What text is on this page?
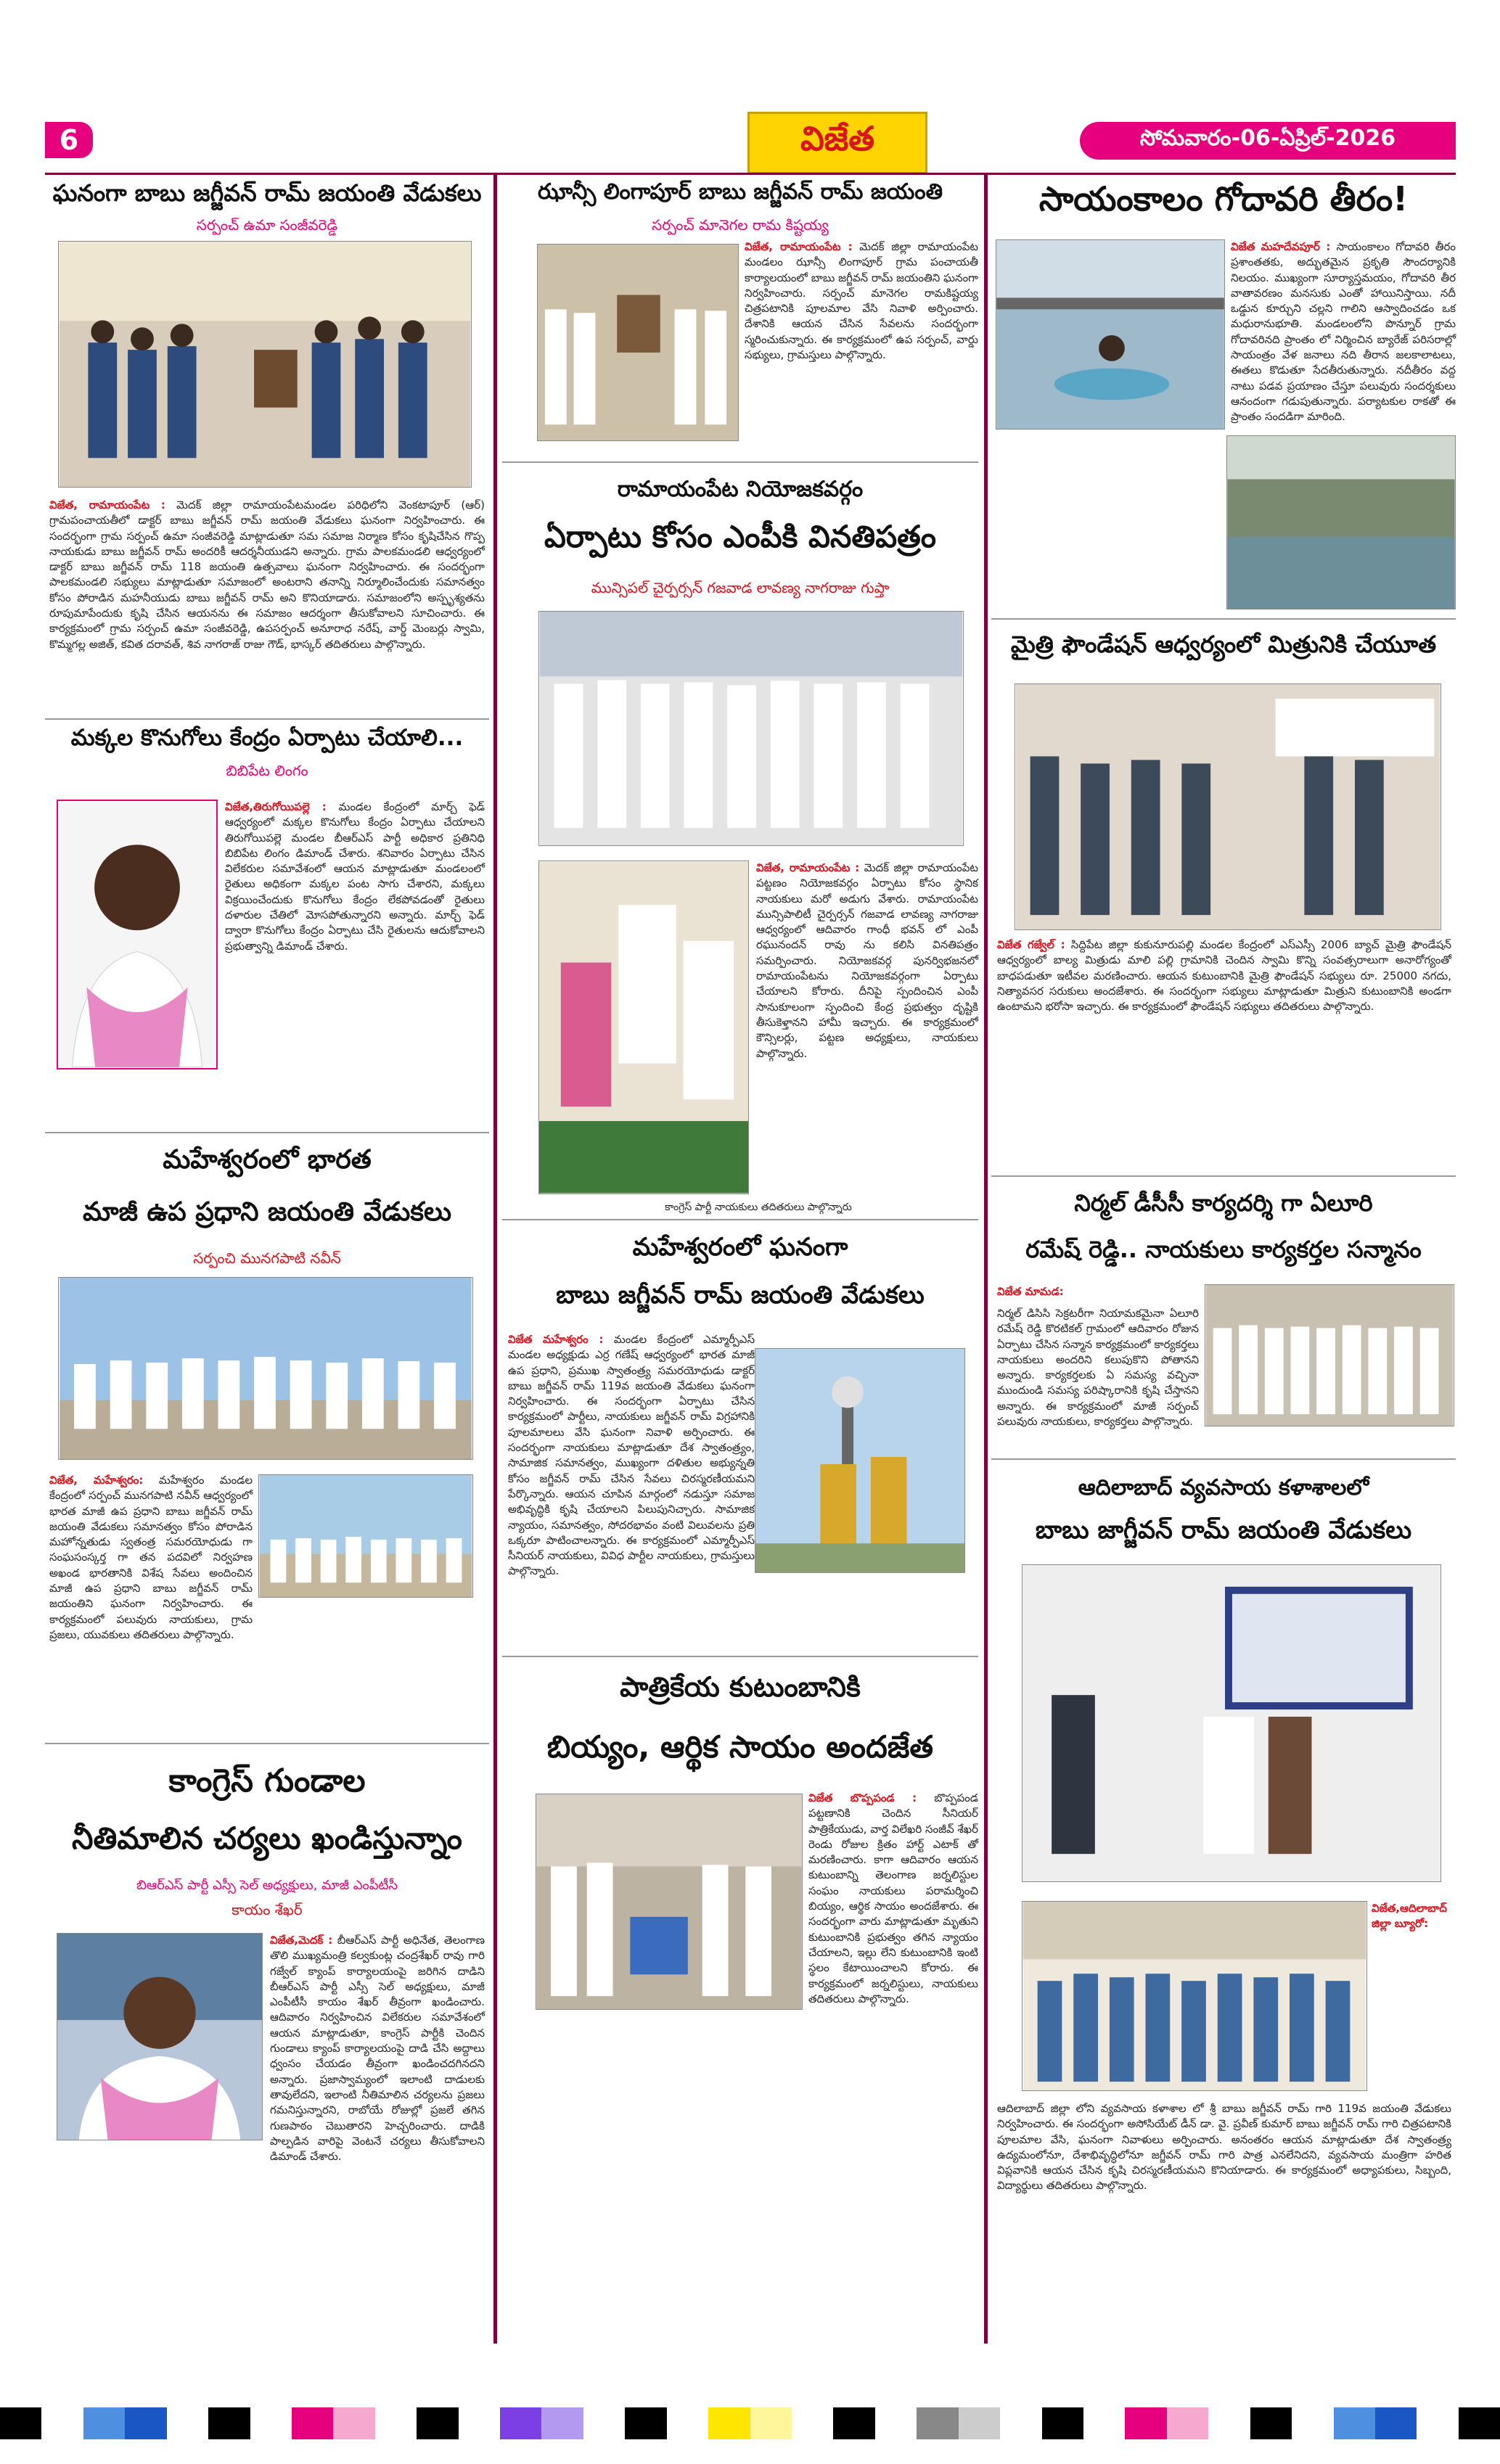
6	విజేత	సోమవారం-06-ఏప్రిల్-2026
ఘనంగా బాబు జగ్జీవన్ రామ్ జయంతి వేడుకలు
సర్పంచ్ ఉమా సంజీవరెడ్డి
విజేత, రామాయంపేట : మెదక్ జిల్లా రామాయంపేటమండల పరిధిలోని వెంకటాపూర్ (ఆర్) గ్రామపంచాయతీలో డాక్టర్ బాబు జగ్జీవన్ రామ్ జయంతి వేడుకలు ఘనంగా నిర్వహించారు. ఈ సందర్భంగా గ్రామ సర్పంచ్ ఉమా సంజీవరెడ్డి మాట్లాడుతూ సమ సమాజ నిర్మాణ కోసం కృషిచేసిన గొప్ప నాయకుడు బాబు జగ్జీవన్ రామ్ అందరికీ ఆదర్శనీయుడని అన్నారు. గ్రామ పాలకమండలి ఆధ్వర్యంలో డాక్టర్ బాబు జగ్జీవన్ రామ్ 118 జయంతి ఉత్సవాలు ఘనంగా నిర్వహించారు. ఈ సందర్భంగా పాలకమండలి సభ్యులు మాట్లాడుతూ సమాజంలో అంటరాని తనాన్ని నిర్మూలించేందుకు సమానత్వం కోసం పోరాడిన మహనీయుడు బాబు జగ్జీవన్ రామ్ అని కొనియాడారు. సమాజంలోని అస్పృశ్యతను రూపుమాపేందుకు కృషి చేసిన ఆయనను ఈ సమాజం ఆదర్శంగా తీసుకోవాలని సూచించారు. ఈ కార్యక్రమంలో గ్రామ సర్పంచ్ ఉమా సంజీవరెడ్డి, ఉపసర్పంచ్ అనూరాధ నరేష్, వార్డ్ మెంబర్లు స్వామి, కొమ్మగల్ల అజిత్, కవిత దరావత్, శివ నాగరాజ్ రాజు గౌడ్, భాస్కర్ తదితరులు పాల్గొన్నారు.
మక్కల కొనుగోలు కేంద్రం ఏర్పాటు చేయాలి...
బిబిపేట లింగం
విజేత,తిరుగోయిపల్లె : మండల కేంద్రంలో మార్చ్ ఫెడ్ ఆధ్వర్యంలో మక్కల కొనుగోలు కేంద్రం ఏర్పాటు చేయాలని తిరుగోయిపల్లె మండల బీఆర్ఎస్ పార్టీ అధికార ప్రతినిధి బిబిపేట లింగం డిమాండ్ చేశారు. శనివారం ఏర్పాటు చేసిన విలేకరుల సమావేశంలో ఆయన మాట్లాడుతూ మండలంలో రైతులు అధికంగా మక్కల పంట సాగు చేశారని, మక్కలు విక్రయించేందుకు కొనుగోలు కేంద్రం లేకపోవడంతో రైతులు దళారుల చేతిలో మోసపోతున్నారని అన్నారు. మార్చ్ ఫెడ్ ద్వారా కొనుగోలు కేంద్రం ఏర్పాటు చేసి రైతులను ఆదుకోవాలని ప్రభుత్వాన్ని డిమాండ్ చేశారు.
మహేశ్వరంలో భారత
మాజీ ఉప ప్రధాని జయంతి వేడుకలు
సర్పంచి మునగపాటి నవీన్
విజేత, మహేశ్వరం: మహేశ్వరం మండల కేంద్రంలో సర్పంచ్ మునగపాటి నవీన్ ఆధ్వర్యంలో భారత మాజీ ఉప ప్రధాని బాబు జగ్జీవన్ రామ్ జయంతి వేడుకలు సమానత్వం కోసం పోరాడిన మహోన్నతుడు స్వతంత్ర సమరయోధుడు గా సంఘసంస్కర్త గా తన పదవిలో నిర్వహణ అఖండ భారతానికి విశేష సేవలు అందించిన మాజీ ఉప ప్రధాని బాబు జగ్జీవన్ రామ్ జయంతిని ఘనంగా నిర్వహించారు. ఈ కార్యక్రమంలో పలువురు నాయకులు, గ్రామ ప్రజలు, యువకులు తదితరులు పాల్గొన్నారు.
కాంగ్రెస్ గుండాల
నీతిమాలిన చర్యలు ఖండిస్తున్నాం
బిఆర్ఎస్ పార్టీ ఎస్సీ సెల్ అధ్యక్షులు, మాజీ ఎంపీటీసీ
కాయం శేఖర్
విజేత,మెదక్ : బీఆర్ఎస్ పార్టీ అధినేత, తెలంగాణ తొలి ముఖ్యమంత్రి కల్వకుంట్ల చంద్రశేఖర్ రావు గారి గజ్వేల్ క్యాంప్ కార్యాలయంపై జరిగిన దాడిని బీఆర్ఎస్ పార్టీ ఎస్సీ సెల్ అధ్యక్షులు, మాజీ ఎంపీటీసీ కాయం శేఖర్ తీవ్రంగా ఖండించారు. ఆదివారం నిర్వహించిన విలేకరుల సమావేశంలో ఆయన మాట్లాడుతూ, కాంగ్రెస్ పార్టీకి చెందిన గుండాలు క్యాంప్ కార్యాలయంపై దాడి చేసి అద్దాలు ధ్వంసం చేయడం తీవ్రంగా ఖండించదగినదని అన్నారు. ప్రజాస్వామ్యంలో ఇలాంటి దాడులకు తావులేదని, ఇలాంటి నీతిమాలిన చర్యలను ప్రజలు గమనిస్తున్నారని, రాబోయే రోజుల్లో ప్రజలే తగిన గుణపాఠం చెబుతారని హెచ్చరించారు. దాడికి పాల్పడిన వారిపై వెంటనే చర్యలు తీసుకోవాలని డిమాండ్ చేశారు.
ఝాన్సీ లింగాపూర్ బాబు జగ్జీవన్ రామ్ జయంతి
సర్పంచ్ మానెగల రామ కిష్టయ్య
విజేత, రామాయంపేట : మెదక్ జిల్లా రామాయంపేట మండలం ఝాన్సీ లింగాపూర్ గ్రామ పంచాయతీ కార్యాలయంలో బాబు జగ్జీవన్ రామ్ జయంతిని ఘనంగా నిర్వహించారు. సర్పంచ్ మానెగల రామకిష్టయ్య చిత్రపటానికి పూలమాల వేసి నివాళి అర్పించారు. దేశానికి ఆయన చేసిన సేవలను సందర్భంగా స్మరించుకున్నారు. ఈ కార్యక్రమంలో ఉప సర్పంచ్, వార్డు సభ్యులు, గ్రామస్తులు పాల్గొన్నారు.
రామాయంపేట నియోజకవర్గం
ఏర్పాటు కోసం ఎంపీకి వినతిపత్రం
మున్సిపల్ చైర్పర్సన్ గజవాడ లావణ్య నాగరాజు గుప్తా
విజేత, రామాయంపేట : మెదక్ జిల్లా రామాయంపేట పట్టణం నియోజకవర్గం ఏర్పాటు కోసం స్థానిక నాయకులు మరో అడుగు వేశారు. రామాయంపేట మున్సిపాలిటీ చైర్పర్సన్ గజవాడ లావణ్య నాగరాజు ఆధ్వర్యంలో ఆదివారం గాంధీ భవన్ లో ఎంపీ రఘునందన్ రావు ను కలిసి వినతిపత్రం సమర్పించారు. నియోజకవర్గ పునర్విభజనలో రామాయంపేటను నియోజకవర్గంగా ఏర్పాటు చేయాలని కోరారు. దీనిపై స్పందించిన ఎంపీ సానుకూలంగా స్పందించి కేంద్ర ప్రభుత్వం దృష్టికి తీసుకెళ్తానని హామీ ఇచ్చారు. ఈ కార్యక్రమంలో కౌన్సిలర్లు, పట్టణ అధ్యక్షులు, నాయకులు పాల్గొన్నారు.
కాంగ్రెస్ పార్టీ నాయకులు తదితరులు పాల్గొన్నారు
మహేశ్వరంలో ఘనంగా
బాబు జగ్జీవన్ రామ్ జయంతి వేడుకలు
విజేత మహేశ్వరం : మండల కేంద్రంలో ఎమ్మార్పీఎస్ మండల అధ్యక్షుడు ఎర్ర గణేష్ ఆధ్వర్యంలో భారత మాజీ ఉప ప్రధాని, ప్రముఖ స్వాతంత్ర్య సమరయోధుడు డాక్టర్ బాబు జగ్జీవన్ రామ్ 119వ జయంతి వేడుకలు ఘనంగా నిర్వహించారు. ఈ సందర్భంగా ఏర్పాటు చేసిన కార్యక్రమంలో పార్టీలు, నాయకులు జగ్జీవన్ రామ్ విగ్రహానికి పూలమాలలు వేసి ఘనంగా నివాళి అర్పించారు. ఈ సందర్భంగా నాయకులు మాట్లాడుతూ దేశ స్వాతంత్ర్యం, సామాజిక సమానత్వం, ముఖ్యంగా దళితుల అభ్యున్నతి కోసం జగ్జీవన్ రామ్ చేసిన సేవలు చిరస్మరణీయమని పేర్కొన్నారు. ఆయన చూపిన మార్గంలో నడుస్తూ సమాజ అభివృద్ధికి కృషి చేయాలని పిలుపునిచ్చారు. సామాజిక న్యాయం, సమానత్వం, సోదరభావం వంటి విలువలను ప్రతి ఒక్కరూ పాటించాలన్నారు. ఈ కార్యక్రమంలో ఎమ్మార్పీఎస్ సీనియర్ నాయకులు, వివిధ పార్టీల నాయకులు, గ్రామస్తులు పాల్గొన్నారు.
పాత్రికేయ కుటుంబానికి
బియ్యం, ఆర్థిక సాయం అందజేత
విజేత బొప్పపండ : బొప్పపండ పట్టణానికి చెందిన సీనియర్ పాత్రికేయుడు, వార్త విలేఖరి సంజీవ్ శేఖర్ రెండు రోజుల క్రితం హార్ట్ ఎటాక్ తో మరణించారు. కాగా ఆదివారం ఆయన కుటుంబాన్ని తెలంగాణ జర్నలిస్టుల సంఘం నాయకులు పరామర్శించి బియ్యం, ఆర్థిక సాయం అందజేశారు. ఈ సందర్భంగా వారు మాట్లాడుతూ మృతుని కుటుంబానికి ప్రభుత్వం తగిన న్యాయం చేయాలని, ఇల్లు లేని కుటుంబానికి ఇంటి స్థలం కేటాయించాలని కోరారు. ఈ కార్యక్రమంలో జర్నలిస్టులు, నాయకులు తదితరులు పాల్గొన్నారు.
సాయంకాలం గోదావరి తీరం!
విజేత మహదేవపూర్ : సాయంకాలం గోదావరి తీరం ప్రశాంతతకు, అద్భుతమైన ప్రకృతి సౌందర్యానికి నిలయం. ముఖ్యంగా సూర్యాస్తమయం, గోదావరి తీర వాతావరణం మనసుకు ఎంతో హాయినిస్తాయి. నదీ ఒడ్డున కూర్చుని చల్లని గాలిని ఆస్వాదించడం ఒక మధురానుభూతి. మండలంలోని పొన్నూర్ గ్రామ గోదావరినది ప్రాంతం లో నిర్మించిన బ్యారేజ్ పరిసరాల్లో సాయంత్రం వేళ జనాలు నది తీరాన జలకాలాటలు, ఈతలు కొడుతూ సేదతీరుతున్నారు. నదీతీరం వద్ద నాటు పడవ ప్రయాణం చేస్తూ పలువురు సందర్శకులు ఆనందంగా గడుపుతున్నారు. పర్యాటకుల రాకతో ఈ ప్రాంతం సందడిగా మారింది.
మైత్రి ఫౌండేషన్ ఆధ్వర్యంలో మిత్రునికి చేయూత
విజేత గజ్వేల్ : సిద్దిపేట జిల్లా కుకునూరుపల్లి మండల కేంద్రంలో ఎస్ఎస్సీ 2006 బ్యాచ్ మైత్రి ఫౌండేషన్ ఆధ్వర్యంలో బాల్య మిత్రుడు మాలి పల్లి గ్రామానికి చెందిన స్వామి కొన్ని సంవత్సరాలుగా అనారోగ్యంతో బాధపడుతూ ఇటీవల మరణించారు. ఆయన కుటుంబానికి మైత్రి ఫౌండేషన్ సభ్యులు రూ. 25000 నగదు, నిత్యావసర సరుకులు అందజేశారు. ఈ సందర్భంగా సభ్యులు మాట్లాడుతూ మిత్రుని కుటుంబానికి అండగా ఉంటామని భరోసా ఇచ్చారు. ఈ కార్యక్రమంలో ఫౌండేషన్ సభ్యులు తదితరులు పాల్గొన్నారు.
నిర్మల్ డీసీసీ కార్యదర్శి గా ఏలూరి
రమేష్ రెడ్డి.. నాయకులు కార్యకర్తల సన్మానం
విజేత మామడ:
నిర్మల్ డిసిసి సెక్రటరీగా నియామకమైనా ఏలూరి రమేష్ రెడ్డి కొరటికల్ గ్రామంలో ఆదివారం రోజున ఏర్పాటు చేసిన సన్మాన కార్యక్రమంలో కార్యకర్తలు నాయకులు అందరిని కలుపుకొని పోతానని అన్నారు. కార్యకర్తలకు ఏ సమస్య వచ్చినా ముందుండి సమస్య పరిష్కారానికి కృషి చేస్తానని అన్నారు. ఈ కార్యక్రమంలో మాజీ సర్పంచ్ పలువురు నాయకులు, కార్యకర్తలు పాల్గొన్నారు.
ఆదిలాబాద్ వ్యవసాయ కళాశాలలో
బాబు జాగ్జీవన్ రామ్ జయంతి వేడుకలు
విజేత,ఆదిలాబాద్ జిల్లా బ్యూరో:
ఆదిలాబాద్ జిల్లా లోని వ్యవసాయ కళాశాల లో శ్రీ బాబు జగ్జీవన్ రామ్ గారి 119వ జయంతి వేడుకలు నిర్వహించారు. ఈ సందర్భంగా అసోసియేట్ డీన్ డా. వై. ప్రవీణ్ కుమార్ బాబు జగ్జీవన్ రామ్ గారి చిత్రపటానికి పూలమాల వేసి, ఘనంగా నివాళులు అర్పించారు. అనంతరం ఆయన మాట్లాడుతూ దేశ స్వాతంత్ర్య ఉద్యమంలోనూ, దేశాభివృద్ధిలోనూ జగ్జీవన్ రామ్ గారి పాత్ర ఎనలేనిదని, వ్యవసాయ మంత్రిగా హరిత విప్లవానికి ఆయన చేసిన కృషి చిరస్మరణీయమని కొనియాడారు. ఈ కార్యక్రమంలో అధ్యాపకులు, సిబ్బంది, విద్యార్థులు తదితరులు పాల్గొన్నారు.
